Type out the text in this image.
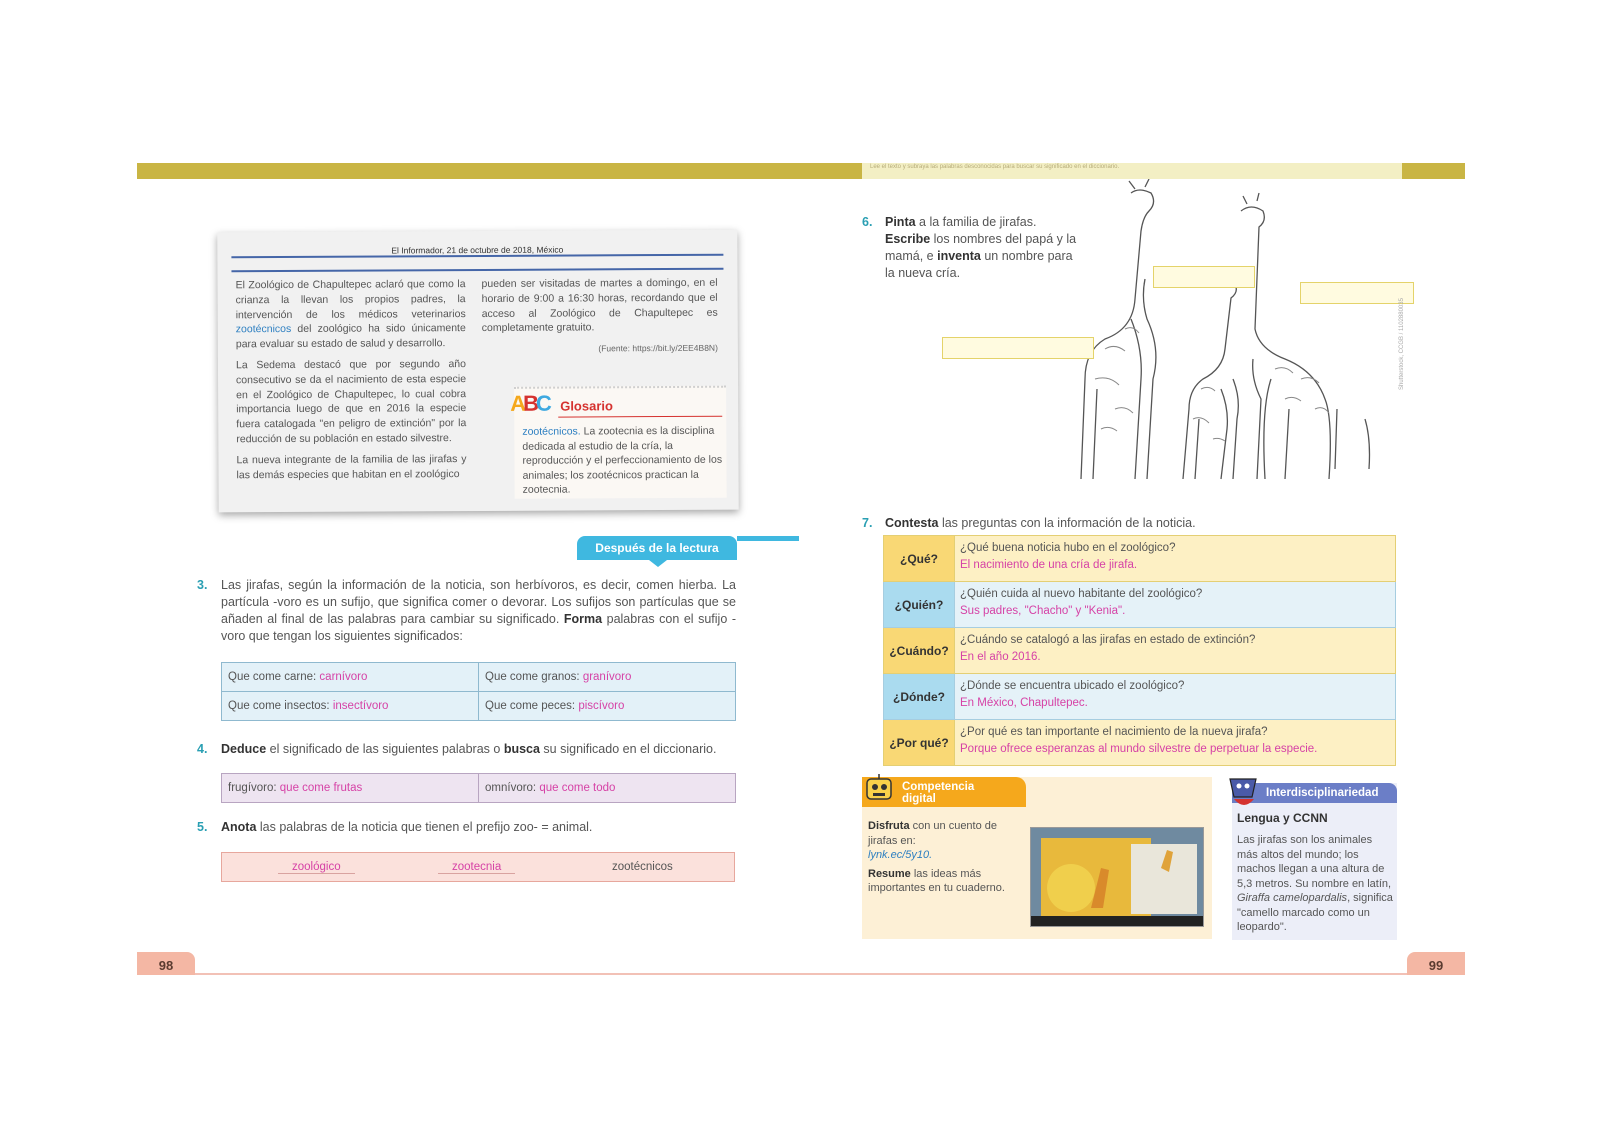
Lee el texto y subraya las palabras desconocidas para buscar su significado en el diccionario.
98	99
El Informador, 21 de octubre de 2018, México

El Zoológico de Chapultepec aclaró que como la crianza la llevan los propios padres, la intervención de los médicos veterinarios zootécnicos del zoológico ha sido únicamente para evaluar su estado de salud y desarrollo.

La Sedema destacó que por segundo año consecutivo se da el nacimiento de esta especie en el Zoológico de Chapultepec, lo cual cobra importancia luego de que en 2016 la especie fuera catalogada "en peligro de extinción" por la reducción de su población en estado silvestre.

La nueva integrante de la familia de las jirafas y las demás especies que habitan en el zoológico

pueden ser visitadas de martes a domingo, en el horario de 9:00 a 16:30 horas, recordando que el acceso al Zoológico de Chapultepec es completamente gratuito.

(Fuente: https://bit.ly/2EE4B8N)
ABC Glosario
zootécnicos. La zootecnia es la disciplina dedicada al estudio de la cría, la reproducción y el perfeccionamiento de los animales; los zootécnicos practican la zootecnia.
Después de la lectura
3. Las jirafas, según la información de la noticia, son herbívoros, es decir, comen hierba. La partícula -voro es un sufijo, que significa comer o devorar. Los sufijos son partículas que se añaden al final de las palabras para cambiar su significado. Forma palabras con el sufijo -voro que tengan los siguientes significados:
Que come carne: carnívoro	Que come granos: granívoro
Que come insectos: insectívoro	Que come peces: piscívoro
4. Deduce el significado de las siguientes palabras o busca su significado en el diccionario.
frugívoro: que come frutas	omnívoro: que come todo
5. Anota las palabras de la noticia que tienen el prefijo zoo- = animal.
zoológico	zootecnia	zootécnicos
6. Pinta a la familia de jirafas.
Escribe los nombres del papá y la mamá, e inventa un nombre para la nueva cría.
Shutterstock, CCGB / 1102880035
7. Contesta las preguntas con la información de la noticia.
¿Qué?	¿Qué buena noticia hubo en el zoológico?
El nacimiento de una cría de jirafa.

¿Quién?	¿Quién cuida al nuevo habitante del zoológico?
Sus padres, "Chacho" y "Kenia".

¿Cuándo?	¿Cuándo se catalogó a las jirafas en estado de extinción?
En el año 2016.

¿Dónde?	¿Dónde se encuentra ubicado el zoológico?
En México, Chapultepec.

¿Por qué?	¿Por qué es tan importante el nacimiento de la nueva jirafa?
Porque ofrece esperanzas al mundo silvestre de perpetuar la especie.
Competencia
digital
Disfruta con un cuento de jirafas en:
lynk.ec/5y10.
Resume las ideas más importantes en tu cuaderno.
Interdisciplinariedad
Lengua y CCNN
Las jirafas son los animales más altos del mundo; los machos llegan a una altura de 5,3 metros. Su nombre en latín, Giraffa camelopardalis, significa "camello marcado como un leopardo".
